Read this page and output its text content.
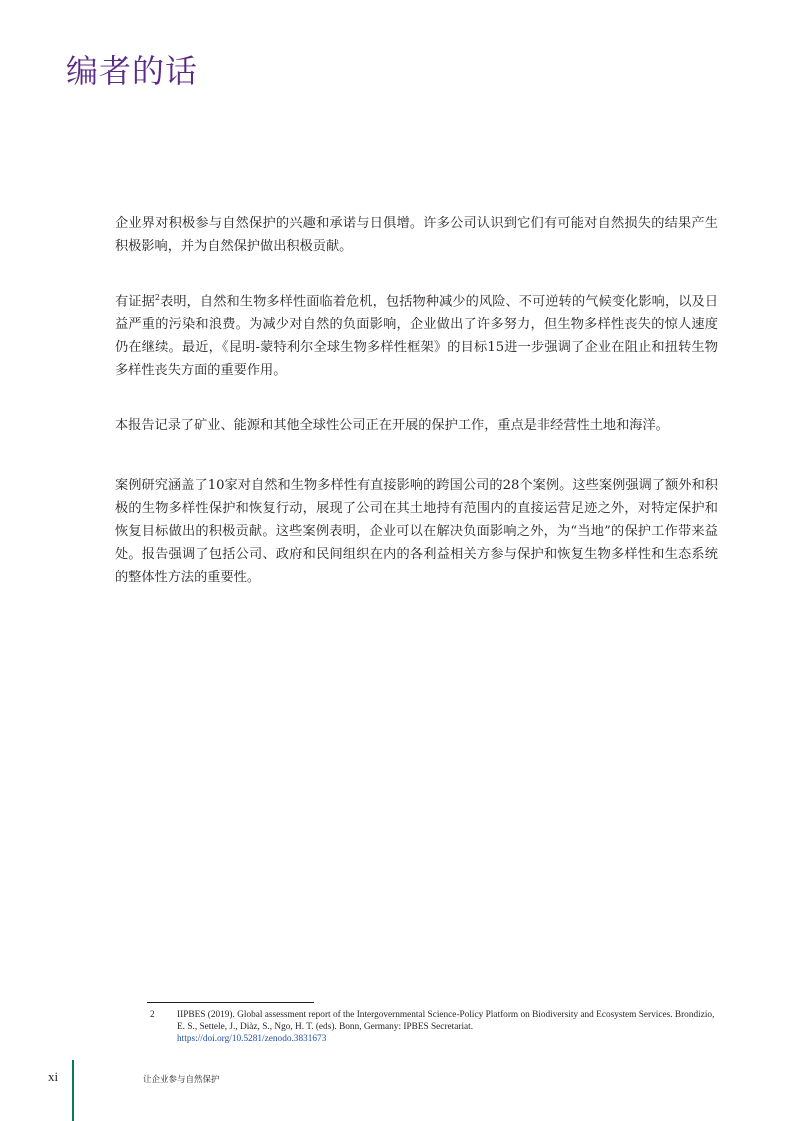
编者的话

企业界对积极参与自然保护的兴趣和承诺与日俱增。许多公司认识到它们有可能对自然损失的结果产生积极影响，并为自然保护做出积极贡献。

有证据$^2$表明，自然和生物多样性面临着危机，包括物种减少的风险、不可逆转的气候变化影响，以及日益严重的污染和浪费。为减少对自然的负面影响，企业做出了许多努力，但生物多样性丧失的惊人速度仍在继续。最近，《昆明-蒙特利尔全球生物多样性框架》的目标15进一步强调了企业在阻止和扭转生物多样性丧失方面的重要作用。

本报告记录了矿业、能源和其他全球性公司正在开展的保护工作，重点是非经营性土地和海洋。

案例研究涵盖了10家对自然和生物多样性有直接影响的跨国公司的28个案例。这些案例强调了额外和积极的生物多样性保护和恢复行动，展现了公司在其土地持有范围内的直接运营足迹之外，对特定保护和恢复目标做出的积极贡献。这些案例表明，企业可以在解决负面影响之外，为“当地”的保护工作带来益处。报告强调了包括公司、政府和民间组织在内的各利益相关方参与保护和恢复生物多样性和生态系统的整体性方法的重要性。

2 IIPBES (2019). Global assessment report of the Intergovernmental Science-Policy Platform on Biodiversity and Ecosystem Services. Brondizio, E. S., Settele, J., Diàz, S., Ngo, H. T. (eds). Bonn, Germany: IPBES Secretariat.
https://doi.org/10.5281/zenodo.3831673
xi	让企业参与自然保护
